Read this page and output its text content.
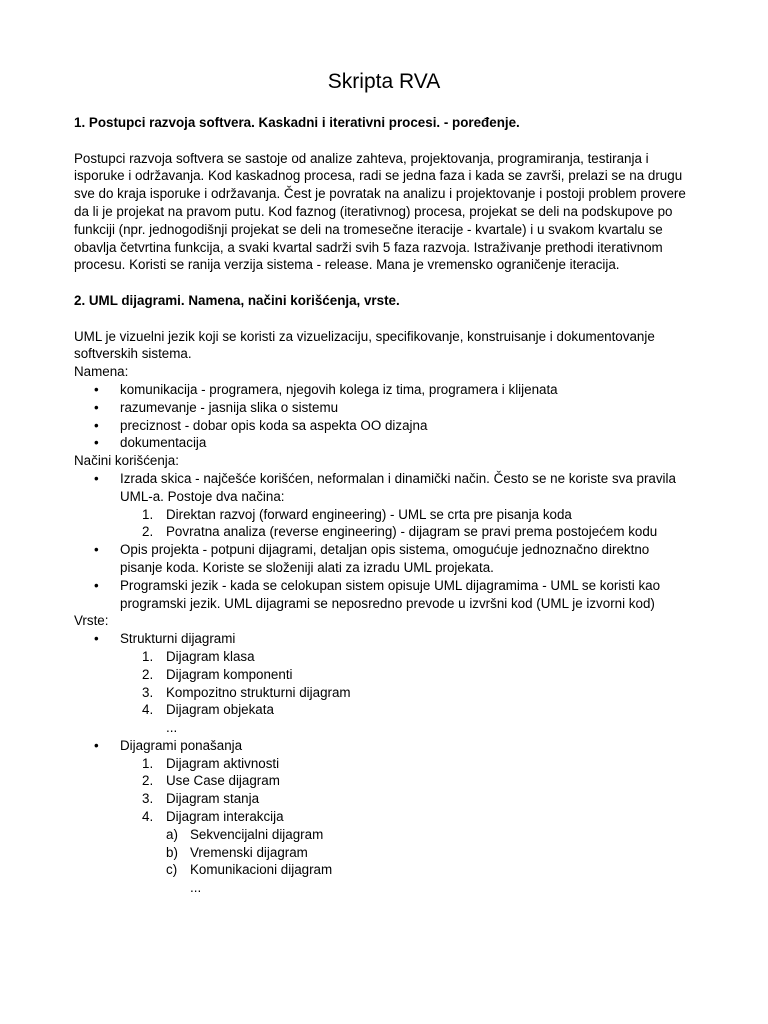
Skripta RVA

1. Postupci razvoja softvera. Kaskadni i iterativni procesi. - poređenje.

Postupci razvoja softvera se sastoje od analize zahteva, projektovanja, programiranja, testiranja i isporuke i održavanja. Kod kaskadnog procesa, radi se jedna faza i kada se završi, prelazi se na drugu sve do kraja isporuke i održavanja. Čest je povratak na analizu i projektovanje i postoji problem provere da li je projekat na pravom putu. Kod faznog (iterativnog) procesa, projekat se deli na podskupove po funkciji (npr. jednogodišnji projekat se deli na tromesečne iteracije - kvartale) i u svakom kvartalu se obavlja četvrtina funkcija, a svaki kvartal sadrži svih 5 faza razvoja. Istraživanje prethodi iterativnom procesu. Koristi se ranija verzija sistema - release. Mana je vremensko ograničenje iteracija.

2. UML dijagrami. Namena, načini korišćenja, vrste.

UML je vizuelni jezik koji se koristi za vizuelizaciju, specifikovanje, konstruisanje i dokumentovanje softverskih sistema.

Namena:

• komunikacija - programera, njegovih kolega iz tima, programera i klijenata
• razumevanje - jasnija slika o sistemu
• preciznost - dobar opis koda sa aspekta OO dizajna
• dokumentacija

Načini korišćenja:

• Izrada skica - najčešće korišćen, neformalan i dinamički način. Često se ne koriste sva pravila UML-a. Postoje dva načina:
1. Direktan razvoj (forward engineering) - UML se crta pre pisanja koda
2. Povratna analiza (reverse engineering) - dijagram se pravi prema postojećem kodu
• Opis projekta - potpuni dijagrami, detaljan opis sistema, omogućuje jednoznačno direktno pisanje koda. Koriste se složeniji alati za izradu UML projekata.
• Programski jezik - kada se celokupan sistem opisuje UML dijagramima - UML se koristi kao programski jezik. UML dijagrami se neposredno prevode u izvršni kod (UML je izvorni kod)

Vrste:

• Strukturni dijagrami
1. Dijagram klasa
2. Dijagram komponenti
3. Kompozitno strukturni dijagram
4. Dijagram objekata
...
• Dijagrami ponašanja
1. Dijagram aktivnosti
2. Use Case dijagram
3. Dijagram stanja
4. Dijagram interakcija
a) Sekvencijalni dijagram
b) Vremenski dijagram
c) Komunikacioni dijagram
...
